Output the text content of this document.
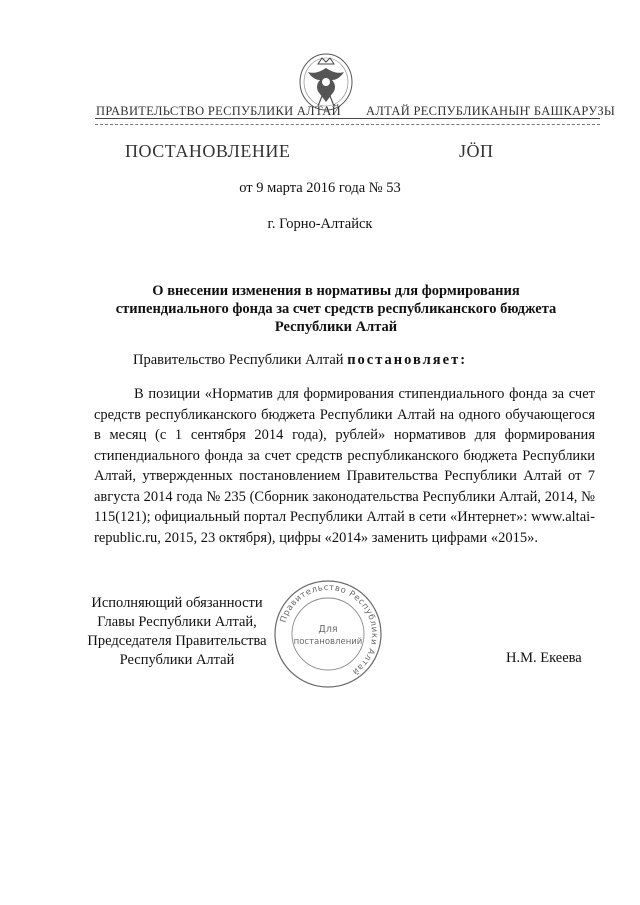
ПРАВИТЕЛЬСТВО РЕСПУБЛИКИ АЛТАЙ АЛТАЙ РЕСПУБЛИКАНЫҤ БАШКАРУЗЫ
ПОСТАНОВЛЕНИЕ	ЈӦП
от 9 марта 2016 года № 53
г. Горно-Алтайск
О внесении изменения в нормативы для формирования
стипендиального фонда за счет средств республиканского бюджета
Республики Алтай
Правительство Республики Алтай постановляет:
В позиции «Норматив для формирования стипендиального фонда за счет средств республиканского бюджета Республики Алтай на одного обучающегося в месяц (с 1 сентября 2014 года), рублей» нормативов для формирования стипендиального фонда за счет средств республиканского бюджета Республики Алтай, утвержденных постановлением Правительства Республики Алтай от 7 августа 2014 года № 235 (Сборник законодательства Республики Алтай, 2014, № 115(121); официальный портал Республики Алтай в сети «Интернет»: www.altai-republic.ru, 2015, 23 октября), цифры «2014» заменить цифрами «2015».
Исполняющий обязанности
Главы Республики Алтай,
Председателя Правительства
Республики Алтай
Правительство Республики Алтай
Для
постановлений
Н.М. Екеева
